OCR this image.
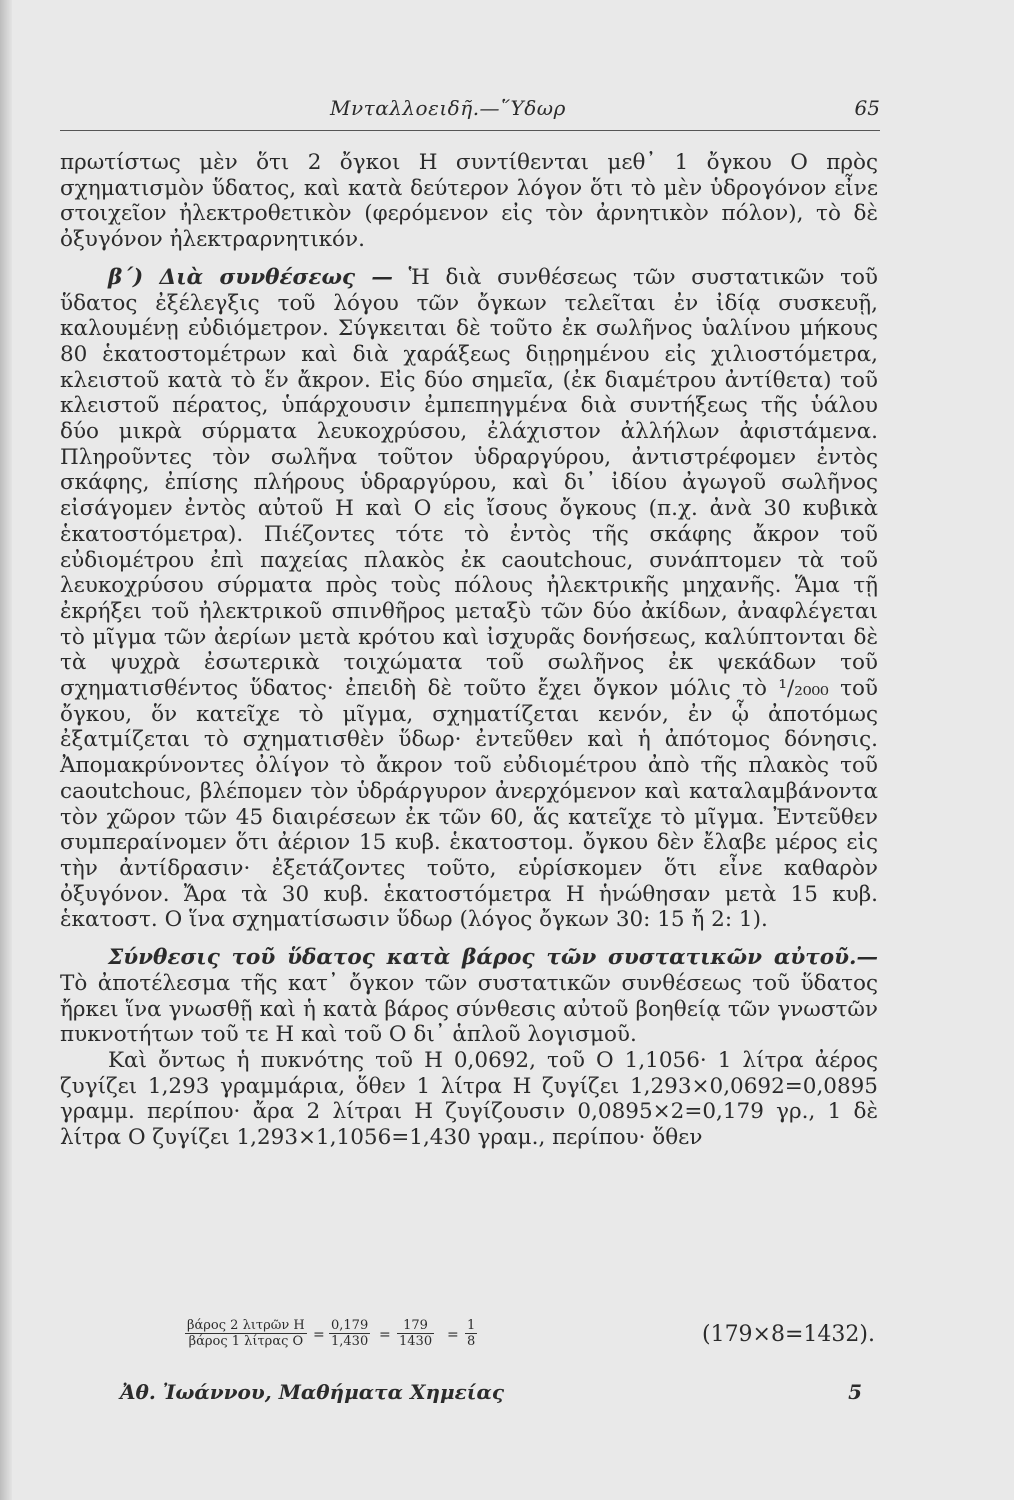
Μνταλλοειδῆ.—῞Υδωρ	65

πρωτίστως μὲν ὅτι 2 ὄγκοι Η συντίθενται μεθ᾽ 1 ὄγκου Ο πρὸς σχηματισμὸν ὕδατος, καὶ κατὰ δεύτερον λόγον ὅτι τὸ μὲν ὑδρογόνον εἶνε στοιχεῖον ἠλεκτροθετικὸν (φερόμενον εἰς τὸν ἀρνητικὸν πόλον), τὸ δὲ ὀξυγόνον ἠλεκτραρνητικόν.

β΄) Διὰ συνθέσεως — Ἡ διὰ συνθέσεως τῶν συστατικῶν τοῦ ὕδατος ἐξέλεγξις τοῦ λόγου τῶν ὄγκων τελεῖται ἐν ἰδίᾳ συσκευῇ, καλουμένῃ εὐδιόμετρον. Σύγκειται δὲ τοῦτο ἐκ σωλῆνος ὑαλίνου μήκους 80 ἑκατοστομέτρων καὶ διὰ χαράξεως διῃρημένου εἰς χιλιοστόμετρα, κλειστοῦ κατὰ τὸ ἕν ἄκρον. Εἰς δύο σημεῖα, (ἐκ διαμέτρου ἀντίθετα) τοῦ κλειστοῦ πέρατος, ὑπάρχουσιν ἐμπεπηγμένα διὰ συντήξεως τῆς ὑάλου δύο μικρὰ σύρματα λευκοχρύσου, ἐλάχιστον ἀλλήλων ἀφιστάμενα. Πληροῦντες τὸν σωλῆνα τοῦτον ὑδραργύρου, ἀντιστρέφομεν ἐντὸς σκάφης, ἐπίσης πλήρους ὑδραργύρου, καὶ δι᾽ ἰδίου ἀγωγοῦ σωλῆνος εἰσάγομεν ἐντὸς αὐτοῦ Η καὶ Ο εἰς ἴσους ὄγκους (π.χ. ἀνὰ 30 κυβικὰ ἑκατοστόμετρα). Πιέζοντες τότε τὸ ἐντὸς τῆς σκάφης ἄκρον τοῦ εὐδιομέτρου ἐπὶ παχείας πλακὸς ἐκ caoutchouc, συνάπτομεν τὰ τοῦ λευκοχρύσου σύρματα πρὸς τοὺς πόλους ἠλεκτρικῆς μηχανῆς. Ἅμα τῇ ἐκρήξει τοῦ ἠλεκτρικοῦ σπινθῆρος μεταξὺ τῶν δύο ἀκίδων, ἀναφλέγεται τὸ μῖγμα τῶν ἀερίων μετὰ κρότου καὶ ἰσχυρᾶς δονήσεως, καλύπτονται δὲ τὰ ψυχρὰ ἐσωτερικὰ τοιχώματα τοῦ σωλῆνος ἐκ ψεκάδων τοῦ σχηματισθέντος ὕδατος· ἐπειδὴ δὲ τοῦτο ἔχει ὄγκον μόλις τὸ ¹/₂₀₀₀ τοῦ ὄγκου, ὅν κατεῖχε τὸ μῖγμα, σχηματίζεται κενόν, ἐν ᾧ ἀποτόμως ἐξατμίζεται τὸ σχηματισθὲν ὕδωρ· ἐντεῦθεν καὶ ἡ ἀπότομος δόνησις. Ἀπομακρύνοντες ὀλίγον τὸ ἄκρον τοῦ εὐδιομέτρου ἀπὸ τῆς πλακὸς τοῦ caoutchouc, βλέπομεν τὸν ὑδράργυρον ἀνερχόμενον καὶ καταλαμβάνοντα τὸν χῶρον τῶν 45 διαιρέσεων ἐκ τῶν 60, ἅς κατεῖχε τὸ μῖγμα. Ἐντεῦθεν συμπεραίνομεν ὅτι ἀέριον 15 κυβ. ἑκατοστομ. ὄγκου δὲν ἔλαβε μέρος εἰς τὴν ἀντίδρασιν· ἐξετάζοντες τοῦτο, εὑρίσκομεν ὅτι εἶνε καθαρὸν ὀξυγόνον. Ἄρα τὰ 30 κυβ. ἑκατοστόμετρα Η ἡνώθησαν μετὰ 15 κυβ. ἑκατοστ. Ο ἵνα σχηματίσωσιν ὕδωρ (λόγος ὄγκων 30: 15 ἤ 2: 1).

Σύνθεσις τοῦ ὕδατος κατὰ βάρος τῶν συστατικῶν αὐτοῦ.— Τὸ ἀποτέλεσμα τῆς κατ᾽ ὄγκον τῶν συστατικῶν συνθέσεως τοῦ ὕδατος ἤρκει ἵνα γνωσθῇ καὶ ἡ κατὰ βάρος σύνθεσις αὐτοῦ βοηθείᾳ τῶν γνωστῶν πυκνοτήτων τοῦ τε Η καὶ τοῦ Ο δι᾽ ἁπλοῦ λογισμοῦ.

Καὶ ὄντως ἡ πυκνότης τοῦ Η 0,0692, τοῦ Ο 1,1056· 1 λίτρα ἀέρος ζυγίζει 1,293 γραμμάρια, ὅθεν 1 λίτρα Η ζυγίζει 1,293×0,0692=0,0895 γραμμ. περίπου· ἄρα 2 λίτραι Η ζυγίζουσιν 0,0895×2=0,179 γρ., 1 δὲ λίτρα Ο ζυγίζει 1,293×1,1056=1,430 γραμ., περίπου· ὅθεν

βάρος 2 λιτρῶν Η
βάρος 1 λίτρας $O = \frac{0,179}{1,430} = \frac{179}{1430} = \frac{1}{8}$	(179×8=1432).
Ἀθ. Ἰωάννου, Μαθήματα Χημείας	5
